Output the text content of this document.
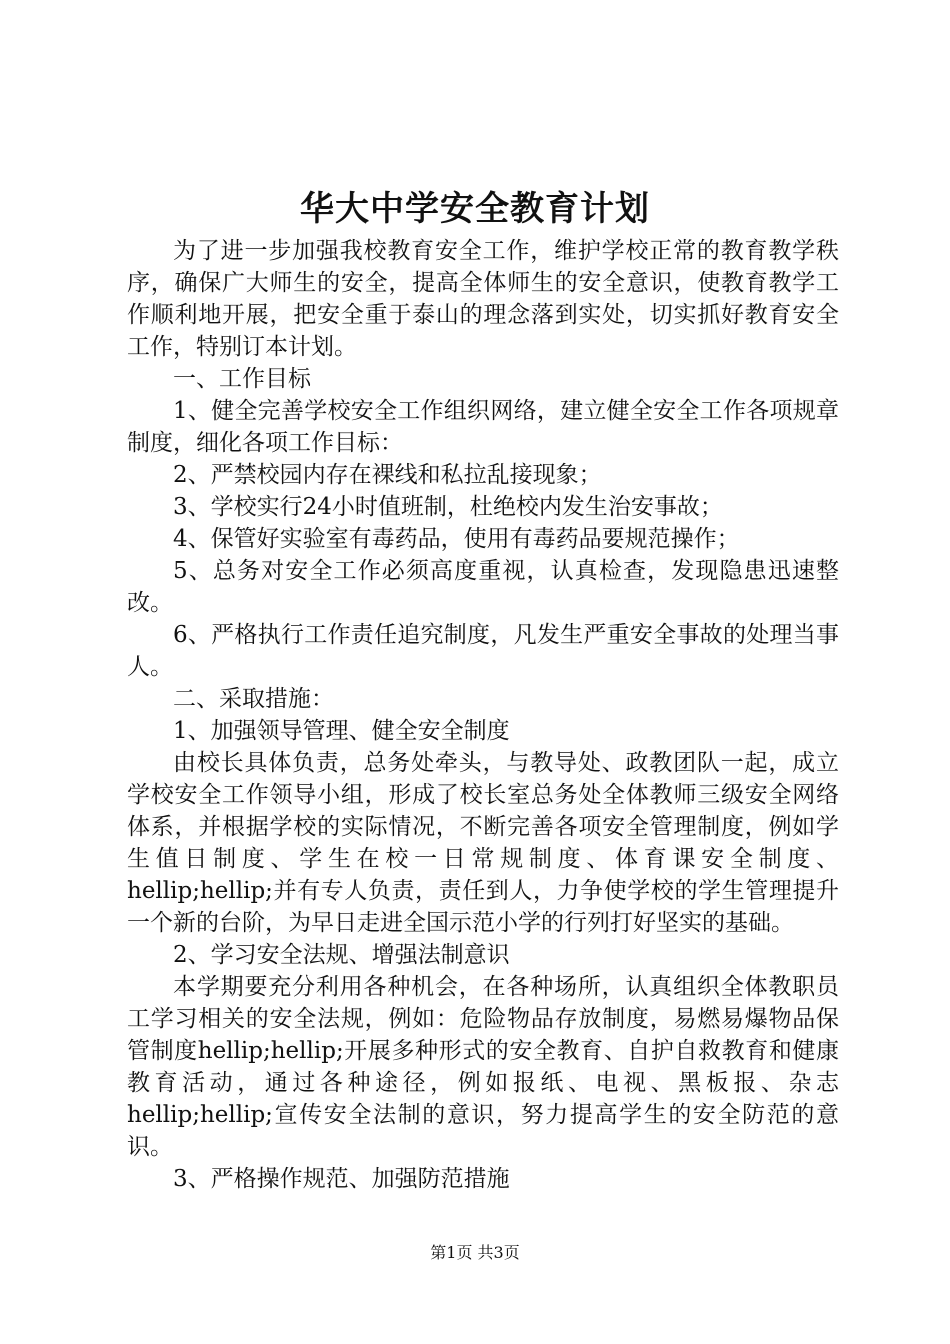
华大中学安全教育计划

为了进一步加强我校教育安全工作，维护学校正常的教育教学秩序，确保广大师生的安全，提高全体师生的安全意识，使教育教学工作顺利地开展，把安全重于泰山的理念落到实处，切实抓好教育安全工作，特别订本计划。

一、工作目标

1、健全完善学校安全工作组织网络，建立健全安全工作各项规章制度，细化各项工作目标：

2、严禁校园内存在裸线和私拉乱接现象；

3、学校实行24小时值班制，杜绝校内发生治安事故；

4、保管好实验室有毒药品，使用有毒药品要规范操作；

5、总务对安全工作必须高度重视，认真检查，发现隐患迅速整改。

6、严格执行工作责任追究制度，凡发生严重安全事故的处理当事人。

二、采取措施：

1、加强领导管理、健全安全制度

由校长具体负责，总务处牵头，与教导处、政教团队一起，成立学校安全工作领导小组，形成了校长室总务处全体教师三级安全网络体系，并根据学校的实际情况，不断完善各项安全管理制度，例如学生值日制度、学生在校一日常规制度、体育课安全制度、hellip;hellip;并有专人负责，责任到人，力争使学校的学生管理提升一个新的台阶，为早日走进全国示范小学的行列打好坚实的基础。

2、学习安全法规、增强法制意识

本学期要充分利用各种机会，在各种场所，认真组织全体教职员工学习相关的安全法规，例如：危险物品存放制度，易燃易爆物品保管制度hellip;hellip;开展多种形式的安全教育、自护自救教育和健康教育活动，通过各种途径，例如报纸、电视、黑板报、杂志hellip;hellip;宣传安全法制的意识，努力提高学生的安全防范的意识。

3、严格操作规范、加强防范措施

第1页 共3页
